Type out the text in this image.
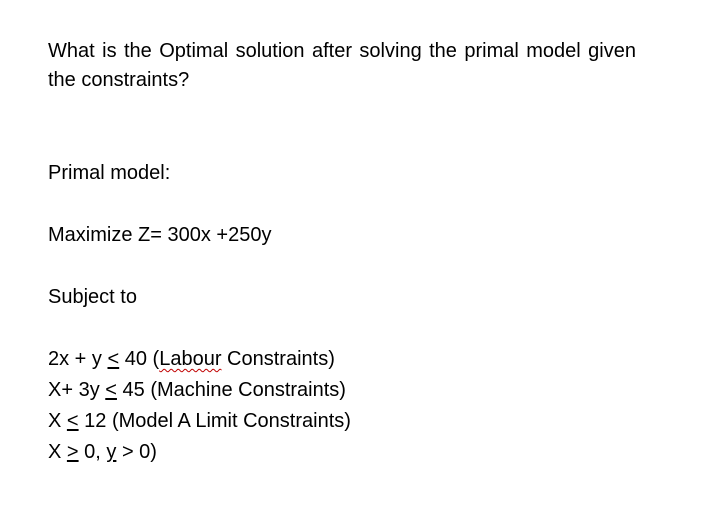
What is the Optimal solution after solving the primal model given the constraints?
Primal model:
Maximize Z= 300x +250y
Subject to
2x + y ≤ 40 (Labour Constraints)
X+ 3y ≤ 45 (Machine Constraints)
X ≤ 12 (Model A Limit Constraints)
X ≥ 0, y > 0)
